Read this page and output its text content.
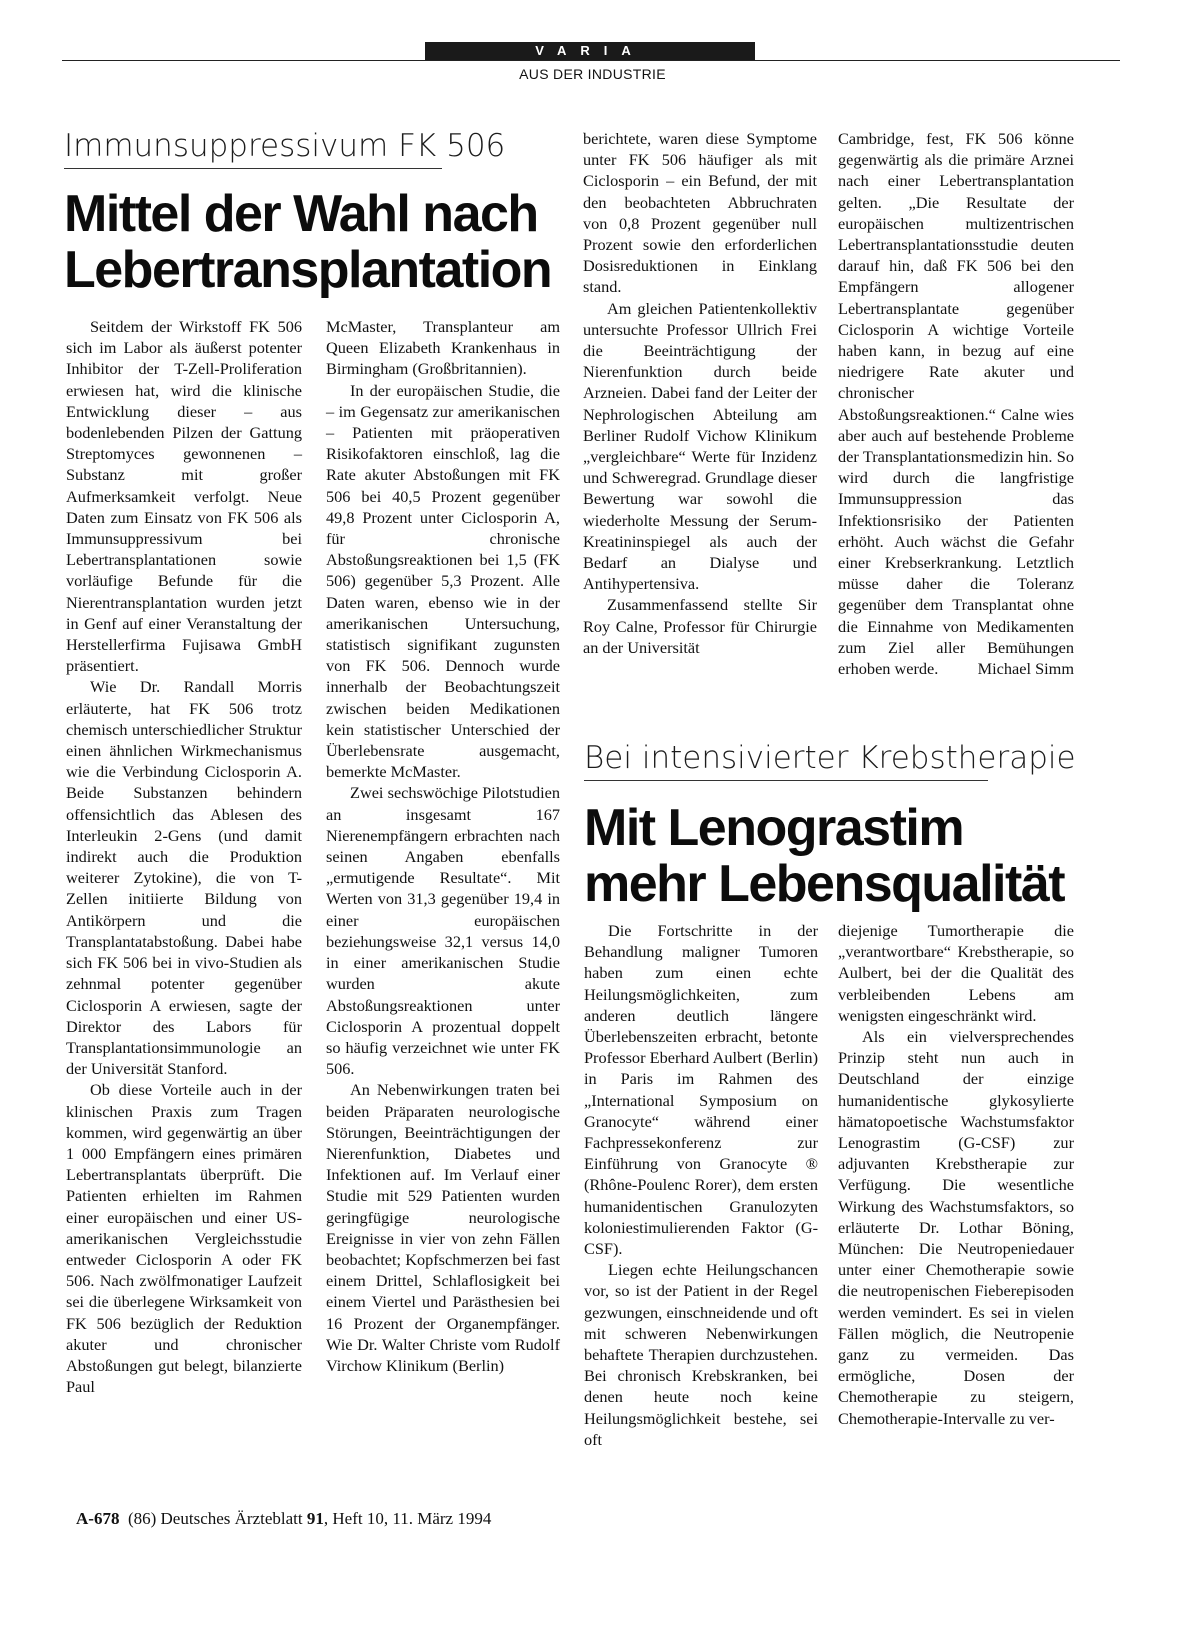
VARIA
AUS DER INDUSTRIE
Immunsuppressivum FK 506
Mittel der Wahl nach
Lebertransplantation

Seitdem der Wirkstoff FK 506 sich im Labor als äußerst potenter Inhibitor der T-Zell-Proliferation erwiesen hat, wird die klinische Entwicklung dieser – aus bodenlebenden Pilzen der Gattung Streptomyces gewonnenen – Substanz mit großer Aufmerksamkeit verfolgt. Neue Daten zum Einsatz von FK 506 als Immunsuppressivum bei Lebertransplantationen sowie vorläufige Befunde für die Nierentransplantation wurden jetzt in Genf auf einer Veranstaltung der Herstellerfirma Fujisawa GmbH präsentiert.

Wie Dr. Randall Morris erläuterte, hat FK 506 trotz chemisch unterschiedlicher Struktur einen ähnlichen Wirkmechanismus wie die Verbindung Ciclosporin A. Beide Substanzen behindern offensichtlich das Ablesen des Interleukin 2-Gens (und damit indirekt auch die Produktion weiterer Zytokine), die von T-Zellen initiierte Bildung von Antikörpern und die Transplantatabstoßung. Dabei habe sich FK 506 bei in vivo-Studien als zehnmal potenter gegenüber Ciclosporin A erwiesen, sagte der Direktor des Labors für Transplantationsimmunologie an der Universität Stanford.

Ob diese Vorteile auch in der klinischen Praxis zum Tragen kommen, wird gegenwärtig an über 1 000 Empfängern eines primären Lebertransplantats überprüft. Die Patienten erhielten im Rahmen einer europäischen und einer US-amerikanischen Vergleichsstudie entweder Ciclosporin A oder FK 506. Nach zwölfmonatiger Laufzeit sei die überlegene Wirksamkeit von FK 506 bezüglich der Reduktion akuter und chronischer Abstoßungen gut belegt, bilanzierte Paul

McMaster, Transplanteur am Queen Elizabeth Krankenhaus in Birmingham (Großbritannien).

In der europäischen Studie, die – im Gegensatz zur amerikanischen – Patienten mit präoperativen Risikofaktoren einschloß, lag die Rate akuter Abstoßungen mit FK 506 bei 40,5 Prozent gegenüber 49,8 Prozent unter Ciclosporin A, für chronische Abstoßungsreaktionen bei 1,5 (FK 506) gegenüber 5,3 Prozent. Alle Daten waren, ebenso wie in der amerikanischen Untersuchung, statistisch signifikant zugunsten von FK 506. Dennoch wurde innerhalb der Beobachtungszeit zwischen beiden Medikationen kein statistischer Unterschied der Überlebensrate ausgemacht, bemerkte McMaster.

Zwei sechswöchige Pilotstudien an insgesamt 167 Nierenempfängern erbrachten nach seinen Angaben ebenfalls „ermutigende Resultate“. Mit Werten von 31,3 gegenüber 19,4 in einer europäischen beziehungsweise 32,1 versus 14,0 in einer amerikanischen Studie wurden akute Abstoßungsreaktionen unter Ciclosporin A prozentual doppelt so häufig verzeichnet wie unter FK 506.

An Nebenwirkungen traten bei beiden Präparaten neurologische Störungen, Beeinträchtigungen der Nierenfunktion, Diabetes und Infektionen auf. Im Verlauf einer Studie mit 529 Patienten wurden geringfügige neurologische Ereignisse in vier von zehn Fällen beobachtet; Kopfschmerzen bei fast einem Drittel, Schlaflosigkeit bei einem Viertel und Parästhesien bei 16 Prozent der Organempfänger. Wie Dr. Walter Christe vom Rudolf Virchow Klinikum (Berlin)

berichtete, waren diese Symptome unter FK 506 häufiger als mit Ciclosporin – ein Befund, der mit den beobachteten Abbruchraten von 0,8 Prozent gegenüber null Prozent sowie den erforderlichen Dosisreduktionen in Einklang stand.

Am gleichen Patientenkollektiv untersuchte Professor Ullrich Frei die Beeinträchtigung der Nierenfunktion durch beide Arzneien. Dabei fand der Leiter der Nephrologischen Abteilung am Berliner Rudolf Vichow Klinikum „vergleichbare“ Werte für Inzidenz und Schweregrad. Grundlage dieser Bewertung war sowohl die wiederholte Messung der Serum-Kreatininspiegel als auch der Bedarf an Dialyse und Antihypertensiva.

Zusammenfassend stellte Sir Roy Calne, Professor für Chirurgie an der Universität

Cambridge, fest, FK 506 könne gegenwärtig als die primäre Arznei nach einer Lebertransplantation gelten. „Die Resultate der europäischen multizentrischen Lebertransplantationsstudie deuten darauf hin, daß FK 506 bei den Empfängern allogener Lebertransplantate gegenüber Ciclosporin A wichtige Vorteile haben kann, in bezug auf eine niedrigere Rate akuter und chronischer Abstoßungsreaktionen.“ Calne wies aber auch auf bestehende Probleme der Transplantationsmedizin hin. So wird durch die langfristige Immunsuppression das Infektionsrisiko der Patienten erhöht. Auch wächst die Gefahr einer Krebserkrankung. Letztlich müsse daher die Toleranz gegenüber dem Transplantat ohne die Einnahme von Medikamenten zum Ziel aller Bemühungen erhoben werde. Michael Simm

Bei intensivierter Krebstherapie
Mit Lenograstim
mehr Lebensqualität

Die Fortschritte in der Behandlung maligner Tumoren haben zum einen echte Heilungsmöglichkeiten, zum anderen deutlich längere Überlebenszeiten erbracht, betonte Professor Eberhard Aulbert (Berlin) in Paris im Rahmen des „International Symposium on Granocyte“ während einer Fachpressekonferenz zur Einführung von Granocyte ® (Rhône-Poulenc Rorer), dem ersten humanidentischen Granulozyten koloniestimulierenden Faktor (G-CSF).

Liegen echte Heilungschancen vor, so ist der Patient in der Regel gezwungen, einschneidende und oft mit schweren Nebenwirkungen behaftete Therapien durchzustehen. Bei chronisch Krebskranken, bei denen heute noch keine Heilungsmöglichkeit bestehe, sei oft

diejenige Tumortherapie die „verantwortbare“ Krebstherapie, so Aulbert, bei der die Qualität des verbleibenden Lebens am wenigsten eingeschränkt wird.

Als ein vielversprechendes Prinzip steht nun auch in Deutschland der einzige humanidentische glykosylierte hämatopoetische Wachstumsfaktor Lenograstim (G-CSF) zur adjuvanten Krebstherapie zur Verfügung. Die wesentliche Wirkung des Wachstumsfaktors, so erläuterte Dr. Lothar Böning, München: Die Neutropeniedauer unter einer Chemotherapie sowie die neutropenischen Fieberepisoden werden vemindert. Es sei in vielen Fällen möglich, die Neutropenie ganz zu vermeiden. Das ermögliche, Dosen der Chemotherapie zu steigern, Chemotherapie-Intervalle zu ver-

A-678 (86) Deutsches Ärzteblatt 91, Heft 10, 11. März 1994
